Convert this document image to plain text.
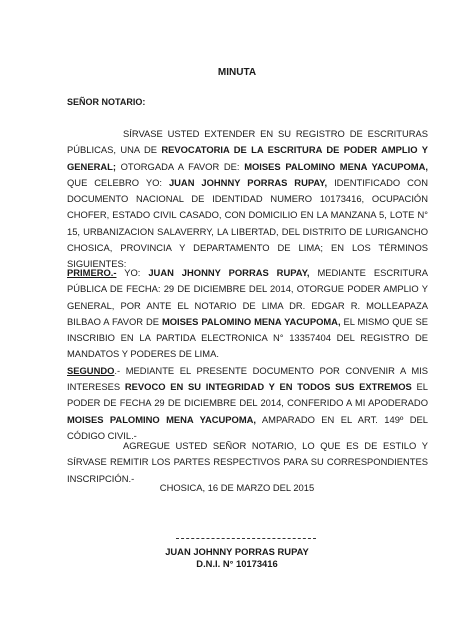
MINUTA
SEÑOR NOTARIO:
SÍRVASE USTED EXTENDER EN SU REGISTRO DE ESCRITURAS PÚBLICAS, UNA DE REVOCATORIA DE LA ESCRITURA DE PODER AMPLIO Y GENERAL; OTORGADA A FAVOR DE: MOISES PALOMINO MENA YACUPOMA, QUE CELEBRO YO: JUAN JOHNNY PORRAS RUPAY, IDENTIFICADO CON DOCUMENTO NACIONAL DE IDENTIDAD NUMERO 10173416, OCUPACIÓN CHOFER, ESTADO CIVIL CASADO, CON DOMICILIO EN LA MANZANA 5, LOTE N° 15, URBANIZACION SALAVERRY, LA LIBERTAD, DEL DISTRITO DE LURIGANCHO CHOSICA, PROVINCIA Y DEPARTAMENTO DE LIMA; EN LOS TÉRMINOS SIGUIENTES:
PRIMERO.- YO: JUAN JHONNY PORRAS RUPAY, MEDIANTE ESCRITURA PÚBLICA DE FECHA: 29 DE DICIEMBRE DEL 2014, OTORGUE PODER AMPLIO Y GENERAL, POR ANTE EL NOTARIO DE LIMA DR. EDGAR R. MOLLEAPAZA BILBAO A FAVOR DE MOISES PALOMINO MENA YACUPOMA, EL MISMO QUE SE INSCRIBIO EN LA PARTIDA ELECTRONICA N° 13357404 DEL REGISTRO DE MANDATOS Y PODERES DE LIMA.
SEGUNDO.- MEDIANTE EL PRESENTE DOCUMENTO POR CONVENIR A MIS INTERESES REVOCO EN SU INTEGRIDAD Y EN TODOS SUS EXTREMOS EL PODER DE FECHA 29 DE DICIEMBRE DEL 2014, CONFERIDO A MI APODERADO MOISES PALOMINO MENA YACUPOMA, AMPARADO EN EL ART. 149º DEL CÓDIGO CIVIL.-
AGREGUE USTED SEÑOR NOTARIO, LO QUE ES DE ESTILO Y SÍRVASE REMITIR LOS PARTES RESPECTIVOS PARA SU CORRESPONDIENTES INSCRIPCIÓN.-
CHOSICA, 16 DE MARZO DEL 2015
JUAN JOHNNY PORRAS RUPAY
D.N.I. N° 10173416
